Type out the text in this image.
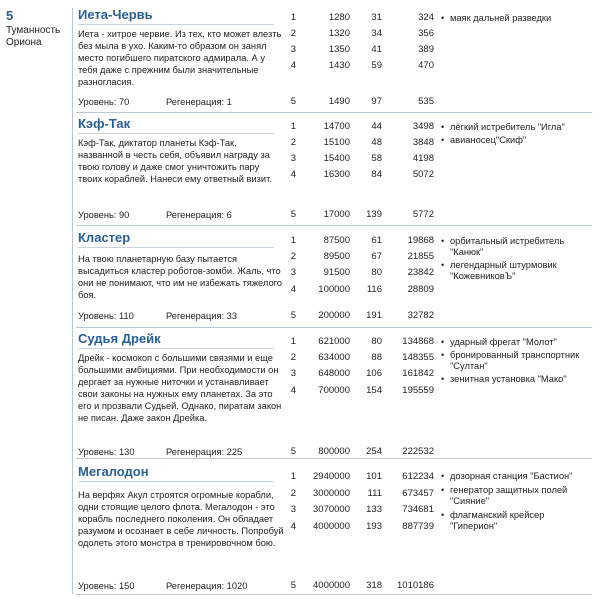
5
Туманность Ориона
Иета-Червь
Иета - хитрое червие. Из тех, кто может влезть без мыла в ухо. Каким-то образом он занял место погибшего пиратского адмирала. А у тебя даже с прежним были значительные разногласия.
Уровень: 70	Регенерация: 1
1	1280	31	324
2	1320	34	356
3	1350	41	389
4	1430	59	470
5	1490	97	535
• маяк дальней разведки
Кэф-Так
Кэф-Так, диктатор планеты Кэф-Так, названной в честь себя, объявил награду за твою голову и даже смог уничтожить пару твоих кораблей. Нанеси ему ответный визит.
Уровень: 90	Регенерация: 6
1	14700	44	3498
2	15100	48	3848
3	15400	58	4198
4	16300	84	5072
5	17000	139	5772
• лёгкий истребитель "Игла"
• авианосец"Скиф"
Кластер
На твою планетарную базу пытается высадиться кластер роботов-зомби. Жаль, что они не понимают, что им не избежать тяжелого боя.
Уровень: 110	Регенерация: 33
1	87500	61	19868
2	89500	67	21855
3	91500	80	23842
4	100000	116	28809
5	200000	191	32782
• орбитальный истребитель "Канюк"
• легендарный штурмовик "КожевниковЪ"
Судья Дрейк
Дрейк - космокоп с большими связями и еще большими амбициями. При необходимости он дергает за нужные ниточки и устанавливает свои законы на нужных ему планетах. За это его и прозвали Судьей. Однако, пиратам закон не писан. Даже закон Дрейка.
Уровень: 130	Регенерация: 225
1	621000	80	134868
2	634000	88	148355
3	648000	106	161842
4	700000	154	195559
5	800000	254	222532
• ударный фрегат "Молот"
• бронированный транспортник "Султан"
• зенитная установка "Мако"
Мегалодон
На верфях Акул строятся огромные корабли, одни стоящие целого флота. Мегалодон - это корабль последнего поколения. Он обладает разумом и осознает в себе личность. Попробуй одолеть этого монстра в тренировочном бою.
Уровень: 150	Регенерация: 1020
1	2940000	101	612234
2	3000000	111	673457
3	3070000	133	734681
4	4000000	193	887739
5	4000000	318	1010186
• дозорная станция "Бастион"
• генератор защитных полей "Сияние"
• флагманский крейсер "Гиперион"
